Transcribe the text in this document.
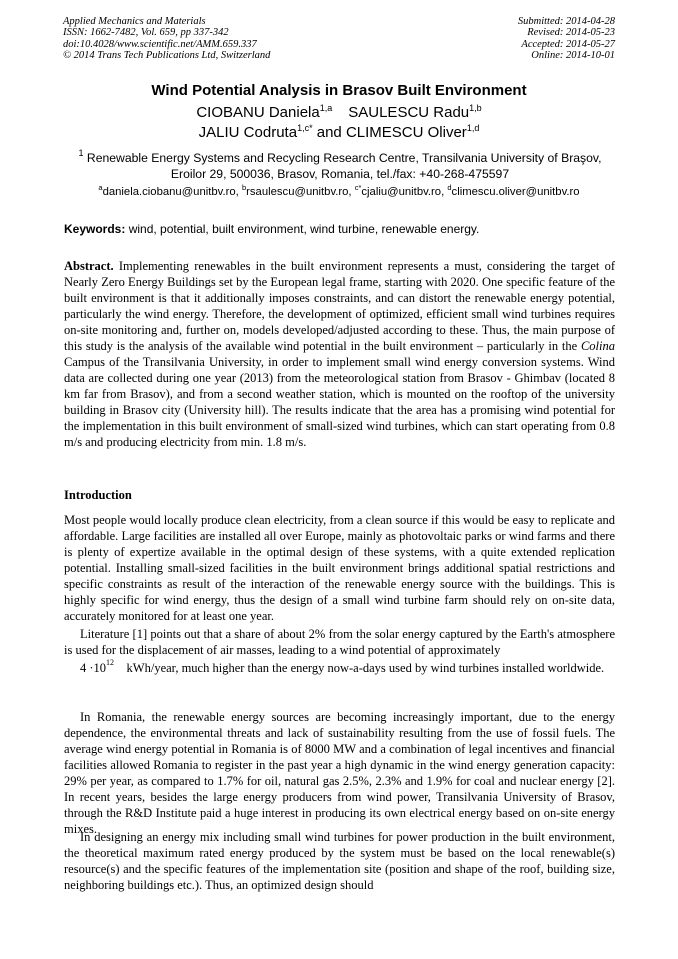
Applied Mechanics and Materials
ISSN: 1662-7482, Vol. 659, pp 337-342
doi:10.4028/www.scientific.net/AMM.659.337
© 2014 Trans Tech Publications Ltd, Switzerland
Submitted: 2014-04-28
Revised: 2014-05-23
Accepted: 2014-05-27
Online: 2014-10-01
Wind Potential Analysis in Brasov Built Environment
CIOBANU Daniela$^{1,a}$ SAULESCU Radu$^{1,b}$
JALIU Codruta$^{1,c*}$ and CLIMESCU Oliver$^{1,d}$
$^1$ Renewable Energy Systems and Recycling Research Centre, Transilvania University of Braşov, Eroilor 29, 500036, Brasov, Romania, tel./fax: +40-268-475597
$^a$daniela.ciobanu@unitbv.ro, $^b$rsaulescu@unitbv.ro, $^{c*}$cjaliu@unitbv.ro, $^d$climescu.oliver@unitbv.ro
Keywords: wind, potential, built environment, wind turbine, renewable energy.
Abstract. Implementing renewables in the built environment represents a must, considering the target of Nearly Zero Energy Buildings set by the European legal frame, starting with 2020. One specific feature of the built environment is that it additionally imposes constraints, and can distort the renewable energy potential, particularly the wind energy. Therefore, the development of optimized, efficient small wind turbines requires on-site monitoring and, further on, models developed/adjusted according to these. Thus, the main purpose of this study is the analysis of the available wind potential in the built environment – particularly in the Colina Campus of the Transilvania University, in order to implement small wind energy conversion systems. Wind data are collected during one year (2013) from the meteorological station from Brasov - Ghimbav (located 8 km far from Brasov), and from a second weather station, which is mounted on the rooftop of the university building in Brasov city (University hill). The results indicate that the area has a promising wind potential for the implementation in this built environment of small-sized wind turbines, which can start operating from 0.8 m/s and producing electricity from min. 1.8 m/s.
Introduction
Most people would locally produce clean electricity, from a clean source if this would be easy to replicate and affordable. Large facilities are installed all over Europe, mainly as photovoltaic parks or wind farms and there is plenty of expertize available in the optimal design of these systems, with a quite extended replication potential. Installing small-sized facilities in the built environment brings additional spatial restrictions and specific constraints as result of the interaction of the renewable energy source with the buildings. This is highly specific for wind energy, thus the design of a small wind turbine farm should rely on on-site data, accurately monitored for at least one year.
Literature [1] points out that a share of about 2% from the solar energy captured by the Earth's atmosphere is used for the displacement of air masses, leading to a wind potential of approximately
$4 \cdot 10^{12}$ kWh/year, much higher than the energy now-a-days used by wind turbines installed worldwide.
In Romania, the renewable energy sources are becoming increasingly important, due to the energy dependence, the environmental threats and lack of sustainability resulting from the use of fossil fuels. The average wind energy potential in Romania is of 8000 MW and a combination of legal incentives and financial facilities allowed Romania to register in the past year a high dynamic in the wind energy generation capacity: 29% per year, as compared to 1.7% for oil, natural gas 2.5%, 2.3% and 1.9% for coal and nuclear energy [2]. In recent years, besides the large energy producers from wind power, Transilvania University of Brasov, through the R&D Institute paid a huge interest in producing its own electrical energy based on on-site energy mixes.
In designing an energy mix including small wind turbines for power production in the built environment, the theoretical maximum rated energy produced by the system must be based on the local renewable(s) resource(s) and the specific features of the implementation site (position and shape of the roof, building size, neighboring buildings etc.). Thus, an optimized design should
